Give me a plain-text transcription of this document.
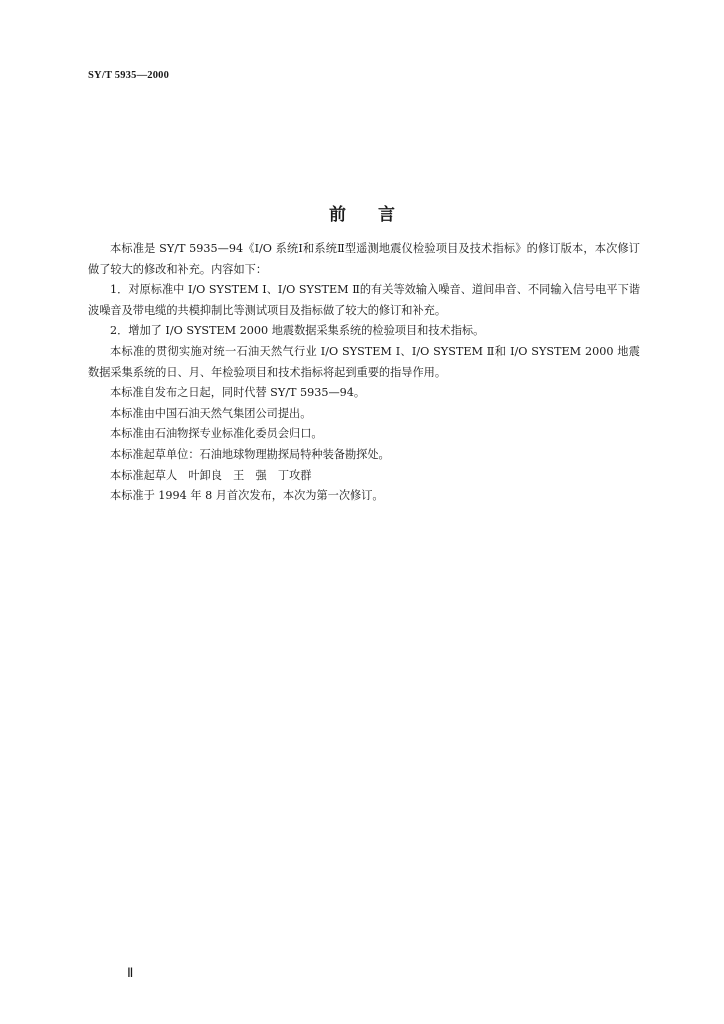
SY/T 5935—2000
前言

本标准是 SY/T 5935—94《I/O 系统Ⅰ和系统Ⅱ型遥测地震仪检验项目及技术指标》的修订版本，本次修订做了较大的修改和补充。内容如下：

1．对原标准中 I/O SYSTEM Ⅰ、I/O SYSTEM Ⅱ的有关等效输入噪音、道间串音、不同输入信号电平下谐波噪音及带电缆的共模抑制比等测试项目及指标做了较大的修订和补充。

2．增加了 I/O SYSTEM 2000 地震数据采集系统的检验项目和技术指标。

本标准的贯彻实施对统一石油天然气行业 I/O SYSTEM Ⅰ、I/O SYSTEM Ⅱ和 I/O SYSTEM 2000 地震数据采集系统的日、月、年检验项目和技术指标将起到重要的指导作用。

本标准自发布之日起，同时代替 SY/T 5935—94。

本标准由中国石油天然气集团公司提出。

本标准由石油物探专业标准化委员会归口。

本标准起草单位：石油地球物理勘探局特种装备勘探处。

本标准起草人　叶卸良　王　强　丁攻群

本标准于 1994 年 8 月首次发布，本次为第一次修订。

Ⅱ
